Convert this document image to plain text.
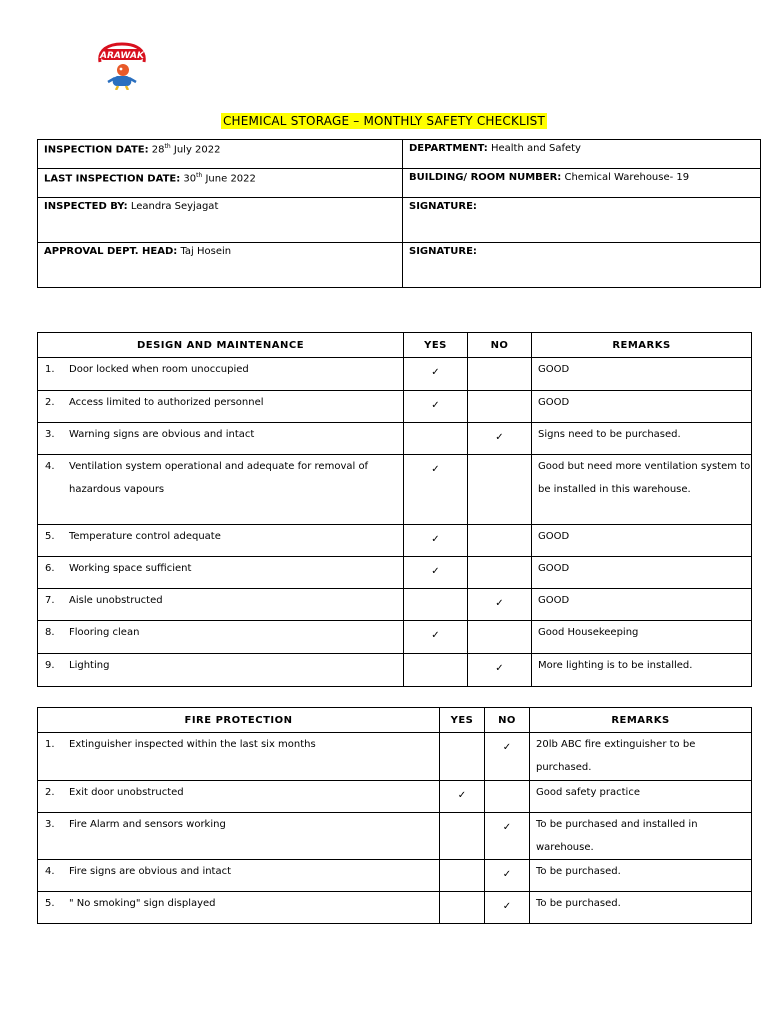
ARAWAK
CHEMICAL STORAGE – MONTHLY SAFETY CHECKLIST
INSPECTION DATE: 28th July 2022	DEPARTMENT: Health and Safety
LAST INSPECTION DATE: 30th June 2022	BUILDING/ ROOM NUMBER: Chemical Warehouse- 19
INSPECTED BY: Leandra Seyjagat	SIGNATURE:
APPROVAL DEPT. HEAD: Taj Hosein	SIGNATURE:
DESIGN AND MAINTENANCE	YES	NO	REMARKS
1. Door locked when room unoccupied	✓		GOOD
2. Access limited to authorized personnel	✓		GOOD
3. Warning signs are obvious and intact		✓	Signs need to be purchased.
4. Ventilation system operational and adequate for removal of hazardous vapours	✓		Good but need more ventilation system to be installed in this warehouse.
5. Temperature control adequate	✓		GOOD
6. Working space sufficient	✓		GOOD
7. Aisle unobstructed		✓	GOOD
8. Flooring clean	✓		Good Housekeeping
9. Lighting		✓	More lighting is to be installed.
FIRE PROTECTION	YES	NO	REMARKS
1. Extinguisher inspected within the last six months		✓	20lb ABC fire extinguisher to be purchased.
2. Exit door unobstructed	✓		Good safety practice
3. Fire Alarm and sensors working		✓	To be purchased and installed in warehouse.
4. Fire signs are obvious and intact		✓	To be purchased.
5. " No smoking" sign displayed		✓	To be purchased.
